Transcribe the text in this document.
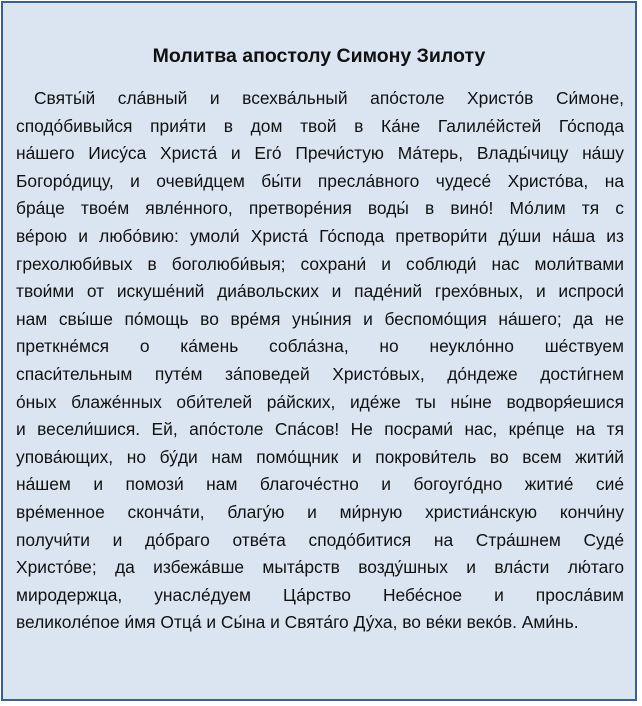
Молитва апостолу Симону Зилоту
Святы́й сла́вный и всехва́льный апо́столе Христо́в Си́моне,
сподо́бивыйся прия́ти в дом твой в Ка́не Галиле́йстей Го́спода
на́шего Иису́са Христа́ и Его́ Пречи́стую Ма́терь, Влады́чицу на́шу
Богоро́дицу, и очеви́дцем бы́ти пресла́вного чудесе́ Христо́ва, на
бра́це твое́м явле́нного, претворе́ния воды́ в вино́! Мо́лим тя с
ве́рою и любо́вию: умоли́ Христа́ Го́спода претвори́ти ду́ши на́ша из
грехолюби́вых в боголюби́выя; сохрани́ и соблюди́ нас моли́твами
твои́ми от искуше́ний диа́вольских и паде́ний грехо́вных, и испроси́
нам свы́ше по́мощь во вре́мя уны́ния и беспомо́щия на́шего; да не
преткне́мся о ка́мень собла́зна, но неукло́нно ше́ствуем
спаси́тельным путе́м за́поведей Христо́вых, до́ндеже дости́гнем
о́ных блаже́нных оби́телей ра́йских, иде́же ты ны́не водворя́ешися
и весели́шися. Ей, апо́столе Спа́сов! Не посрами́ нас, кре́пце на тя
упова́ющих, но бу́ди нам помо́щник и покрови́тель во всем жити́й
на́шем и помози́ нам благоче́стно и богоуго́дно житие́ сие́
вре́менное сконча́ти, благу́ю и ми́рную христиа́нскую кончи́ну
получи́ти и до́браго отве́та сподо́битися на Стра́шнем Суде́
Христо́ве; да избежа́вше мыта́рств возду́шных и вла́сти лю́таго
миродержца, унасле́дуем Ца́рство Небе́сное и просла́вим
великоле́пое и́мя Отца́ и Сы́на и Свята́го Ду́ха, во ве́ки веко́в. Ами́нь.
